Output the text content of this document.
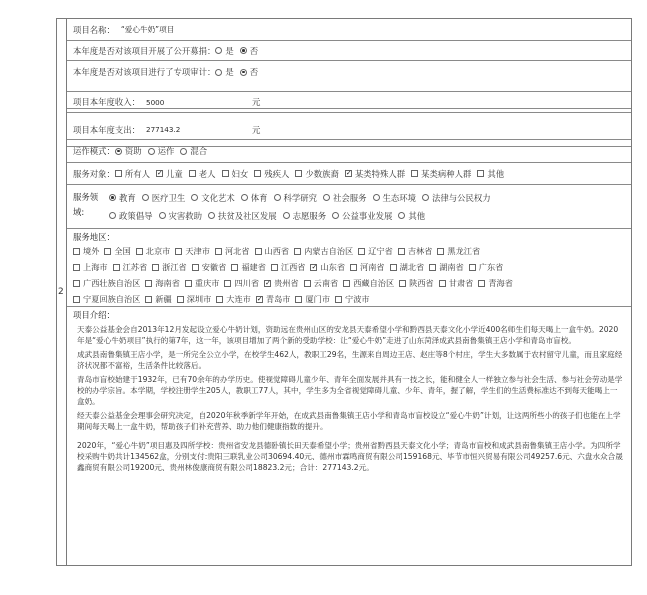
2
项目名称： “爱心牛奶”项目
本年度是否对该项目开展了公开募捐： 是 否
本年度是否对该项目进行了专项审计： 是 否
项目本年度收入： 5000	元
项目本年度支出： 277143.2	元
运作模式： 资助 运作 混合
服务对象： 所有人 ✓ 儿童 老人 妇女 残疾人 少数族裔 ✓ 某类特殊人群 某类病种人群 其他
服务领
域:
教育 医疗卫生 文化艺术 体育 科学研究 社会服务 生态环境 法律与公民权力
政策倡导 灾害救助 扶贫及社区发展 志愿服务 公益事业发展 其他
服务地区：
境外 全国 北京市 天津市 河北省 山西省 内蒙古自治区 辽宁省 吉林省 黑龙江省
上海市 江苏省 浙江省 安徽省 福建省 江西省 ✓ 山东省 河南省 湖北省 湖南省 广东省
广西壮族自治区 海南省 重庆市 四川省 ✓ 贵州省 云南省 西藏自治区 陕西省 甘肃省 青海省
宁夏回族自治区 新疆 深圳市 大连市 ✓ 青岛市 厦门市 宁波市
项目介绍：

天泰公益基金会自2013年12月发起设立爱心牛奶计划，资助远在贵州山区的安龙县天泰希望小学和黔西县天泰文化小学近400名师生们每天喝上一盒牛奶。2020年是“爱心牛奶项目”执行的第7年，这一年，该项目增加了两个新的受助学校：让“爱心牛奶”走进了山东菏泽成武县南鲁集镇王店小学和青岛市盲校。

成武县南鲁集镇王店小学，是一所完全公立小学，在校学生462人，教职工29名，生源来自周边王店、赵庄等8个村庄，学生大多数属于农村留守儿童，而且家庭经济状况都不富裕，生活条件比较落后。

青岛市盲校始建于1932年，已有70余年的办学历史。使视觉障碍儿童少年、青年全面发展并具有一技之长，能和健全人一样独立参与社会生活、参与社会劳动是学校的办学宗旨。本学期，学校注册学生205人，教职工77人，其中，学生多为全省视觉障碍儿童、少年、青年，握了解，学生们的生活费标准达不到每天能喝上一盒奶。

经天泰公益基金会理事会研究决定，自2020年秋季新学年开始，在成武县南鲁集镇王店小学和青岛市盲校设立“爱心牛奶”计划，让这两所些小的孩子们也能在上学期间每天喝上一盒牛奶，帮助孩子们补充营养、助力他们健康指数的提升。

2020年，“爱心牛奶”项目惠及四所学校：贵州省安龙县德卧镇长田天泰希望小学；贵州省黔西县天泰文化小学；青岛市盲校和成武县南鲁集镇王店小学。为四所学校采购牛奶共计134562盒，分别支付:贵阳三联乳业公司30694.40元、德州市霖鸣商贸有限公司159168元、毕节市恒兴贸易有限公司49257.6元、六盘水众合晟鑫商贸有限公司19200元、贵州林俊康商贸有限公司18823.2元；合计：277143.2元。
